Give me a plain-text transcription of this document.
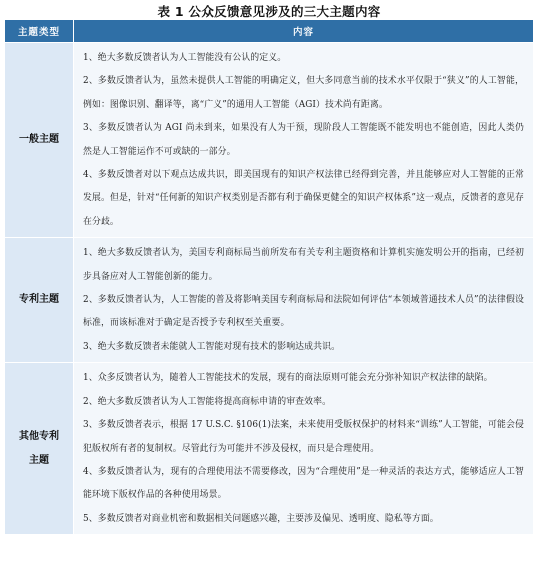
表 1 公众反馈意见涉及的三大主题内容
主题类型	内容
一般主题	1、绝大多数反馈者认为人工智能没有公认的定义。

2、多数反馈者认为，虽然未提供人工智能的明确定义，但大多同意当前的技术水平仅限于“狭义”的人工智能，例如：图像识别、翻译等，离“广义”的通用人工智能（AGI）技术尚有距离。

3、多数反馈者认为 AGI 尚未到来，如果没有人为干预，现阶段人工智能既不能发明也不能创造，因此人类仍然是人工智能运作不可或缺的一部分。

4、多数反馈者对以下观点达成共识，即美国现有的知识产权法律已经得到完善，并且能够应对人工智能的正常发展。但是，针对“任何新的知识产权类别是否都有利于确保更健全的知识产权体系”这一观点，反馈者的意见存在分歧。

专利主题	1、绝大多数反馈者认为，美国专利商标局当前所发布有关专利主题资格和计算机实施发明公开的指南，已经初步具备应对人工智能创新的能力。

2、多数反馈者认为，人工智能的普及将影响美国专利商标局和法院如何评估“本领域普通技术人员”的法律假设标准，而该标准对于确定是否授予专利权至关重要。

3、绝大多数反馈者未能就人工智能对现有技术的影响达成共识。

其他专利主题	1、众多反馈者认为，随着人工智能技术的发展，现有的商法原则可能会充分弥补知识产权法律的缺陷。

2、绝大多数反馈者认为人工智能将提高商标申请的审查效率。

3、多数反馈者表示，根据 17 U.S.C. §106(1)法案，未来使用受版权保护的材料来“训练”人工智能，可能会侵犯版权所有者的复制权。尽管此行为可能并不涉及侵权，而只是合理使用。

4、多数反馈者认为，现有的合理使用法不需要修改，因为“合理使用”是一种灵活的表达方式，能够适应人工智能环境下版权作品的各种使用场景。

5、多数反馈者对商业机密和数据相关问题感兴趣，主要涉及偏见、透明度、隐私等方面。
